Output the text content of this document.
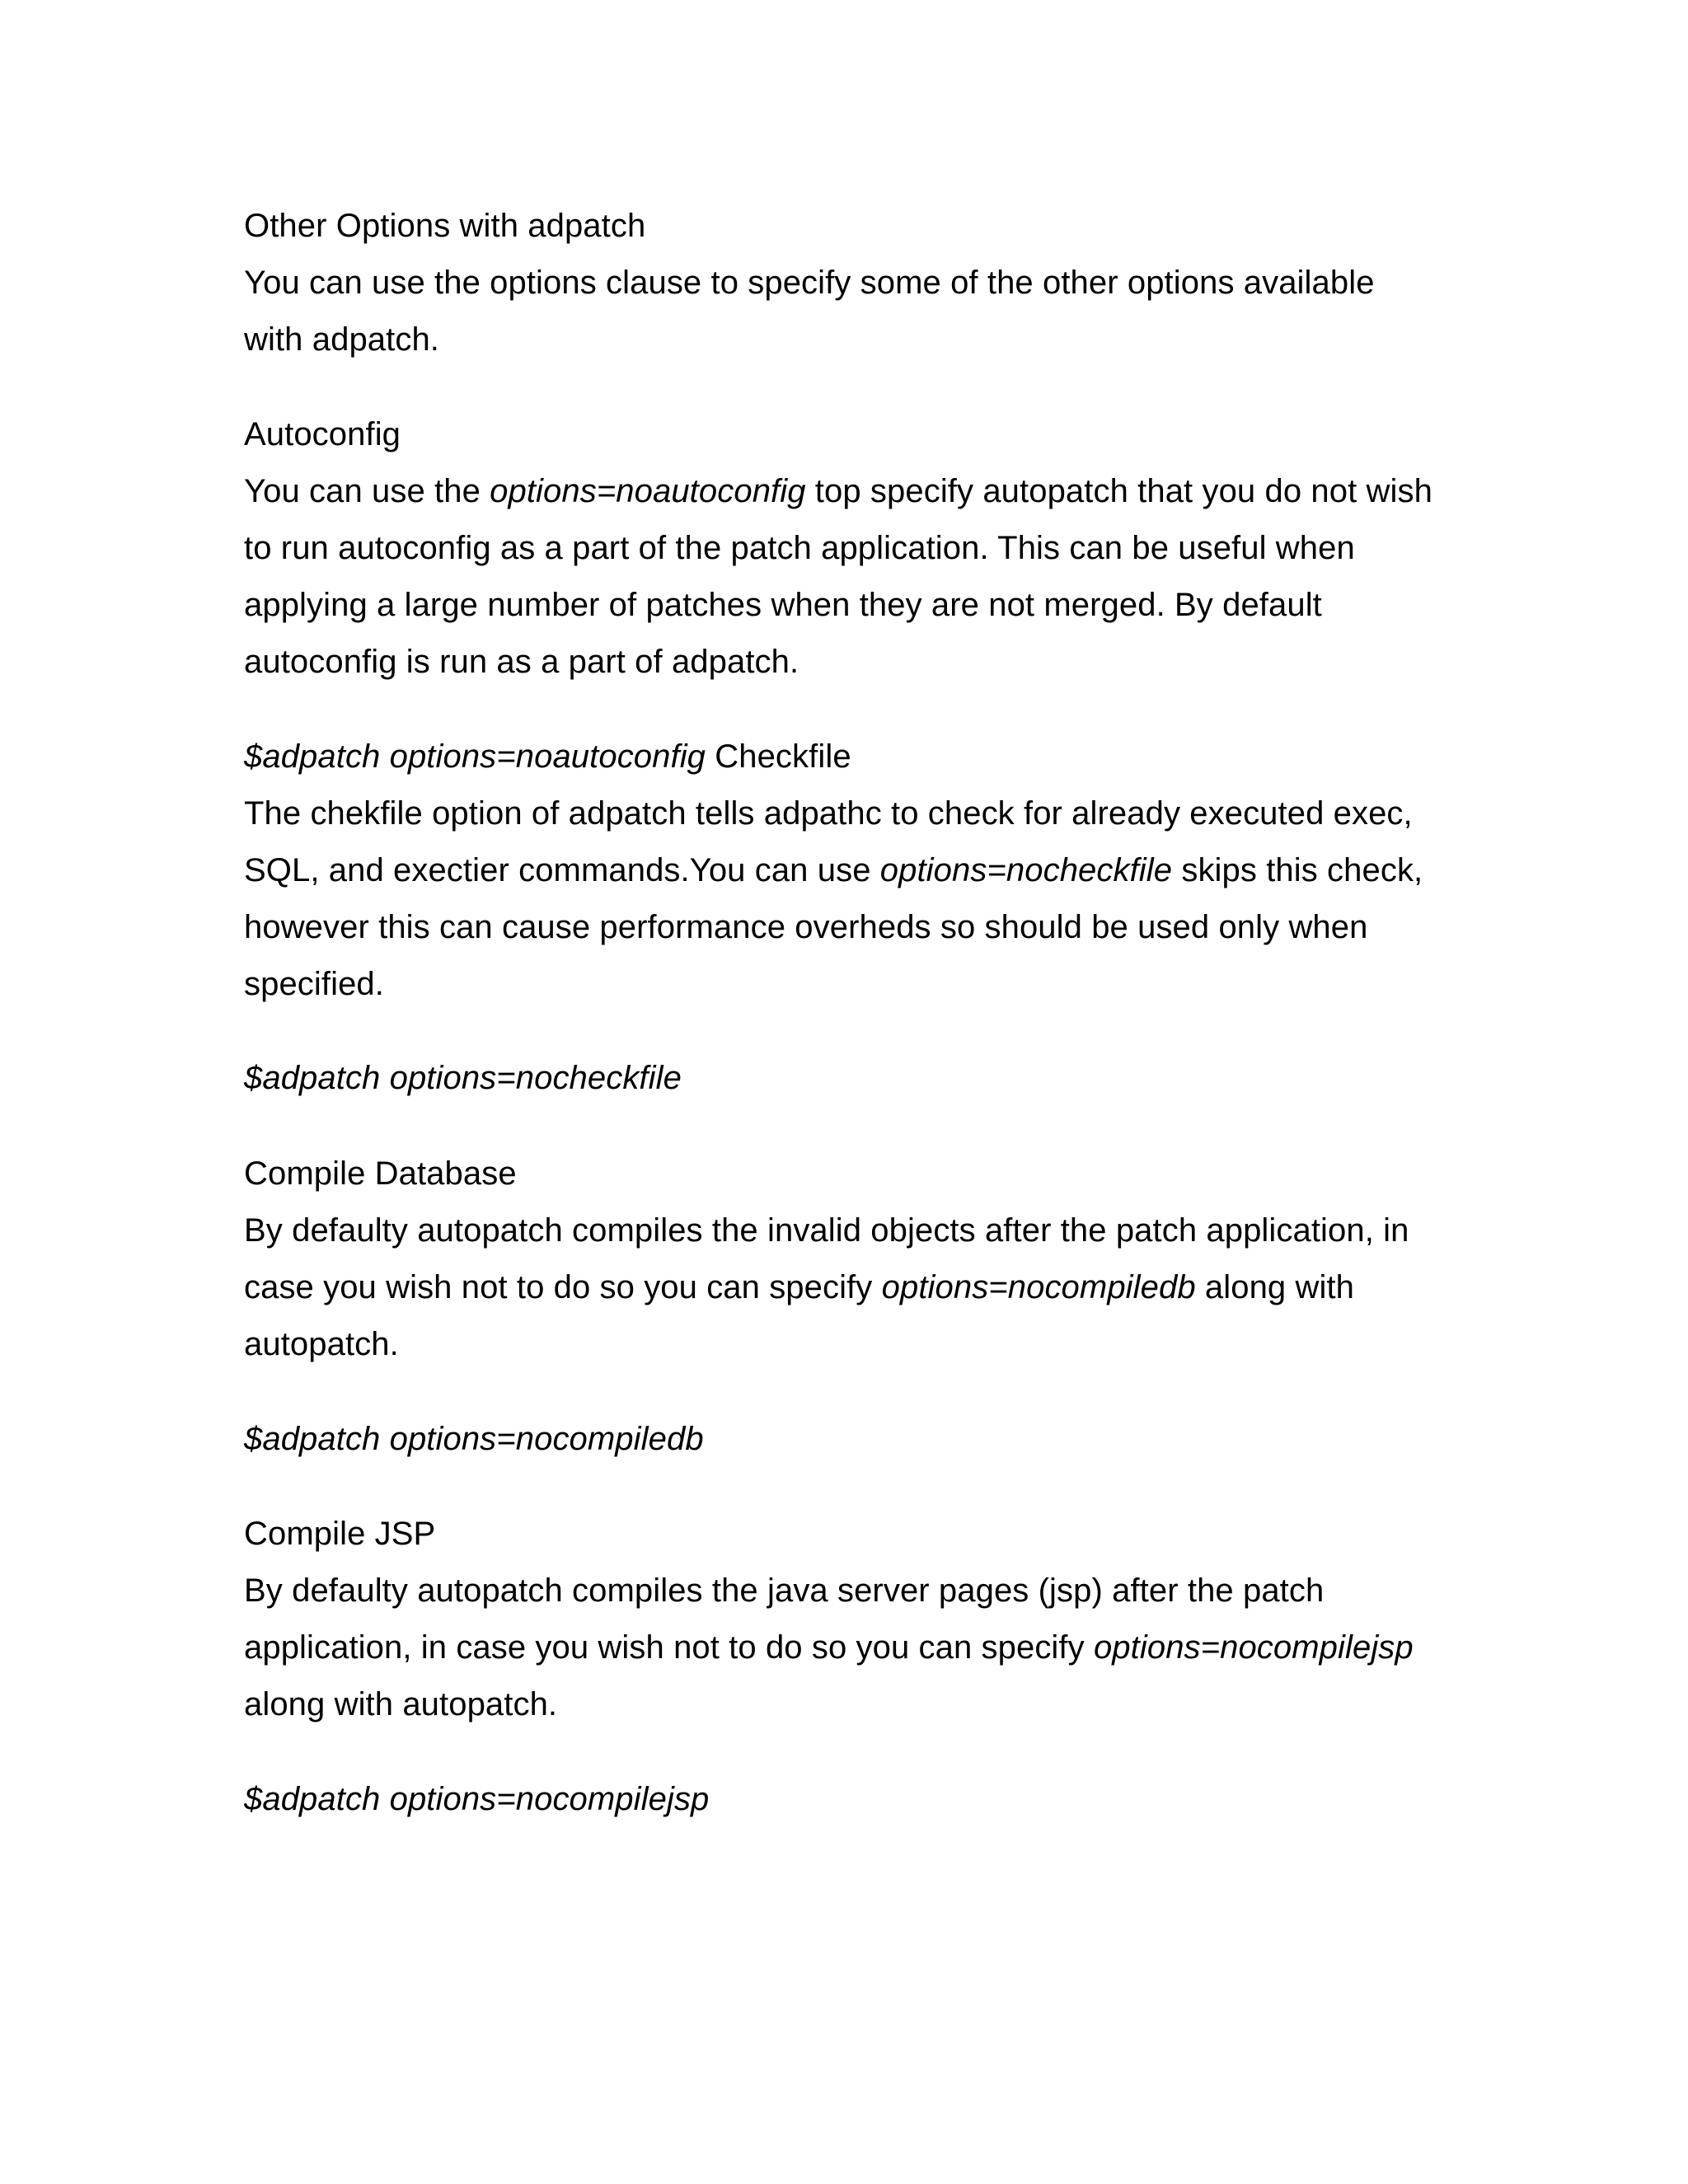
Other Options with adpatch
You can use the options clause to specify some of the other options available
with adpatch.
Autoconfig
You can use the options=noautoconfig top specify autopatch that you do not wish
to run autoconfig as a part of the patch application. This can be useful when
applying a large number of patches when they are not merged. By default
autoconfig is run as a part of adpatch.
$adpatch options=noautoconfig Checkfile
The chekfile option of adpatch tells adpathc to check for already executed exec,
SQL, and exectier commands.You can use options=nocheckfile skips this check,
however this can cause performance overheds so should be used only when
specified.
$adpatch options=nocheckfile
Compile Database
By defaulty autopatch compiles the invalid objects after the patch application, in
case you wish not to do so you can specify options=nocompiledb along with
autopatch.
$adpatch options=nocompiledb
Compile JSP
By defaulty autopatch compiles the java server pages (jsp) after the patch
application, in case you wish not to do so you can specify options=nocompilejsp
along with autopatch.
$adpatch options=nocompilejsp
